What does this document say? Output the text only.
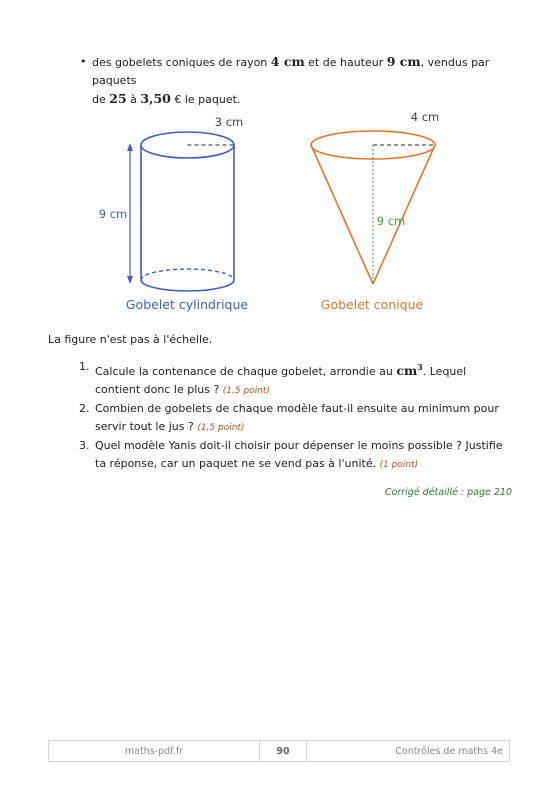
• des gobelets coniques de rayon 4 cm et de hauteur 9 cm, vendus par paquets
de 25 à 3,50 € le paquet.
3 cm
9 cm
Gobelet cylindrique
4 cm
9 cm
Gobelet conique
La figure n'est pas à l'échelle.
1. Calcule la contenance de chaque gobelet, arrondie au $cm^3$. Lequel contient donc le plus ? (1,5 point)
2. Combien de gobelets de chaque modèle faut-il ensuite au minimum pour servir tout le jus ? (1,5 point)
3. Quel modèle Yanis doit-il choisir pour dépenser le moins possible ? Justifie ta réponse, car un paquet ne se vend pas à l'unité. (1 point)
Corrigé détaillé : page 210
maths-pdf.fr	90	Contrôles de maths 4e
